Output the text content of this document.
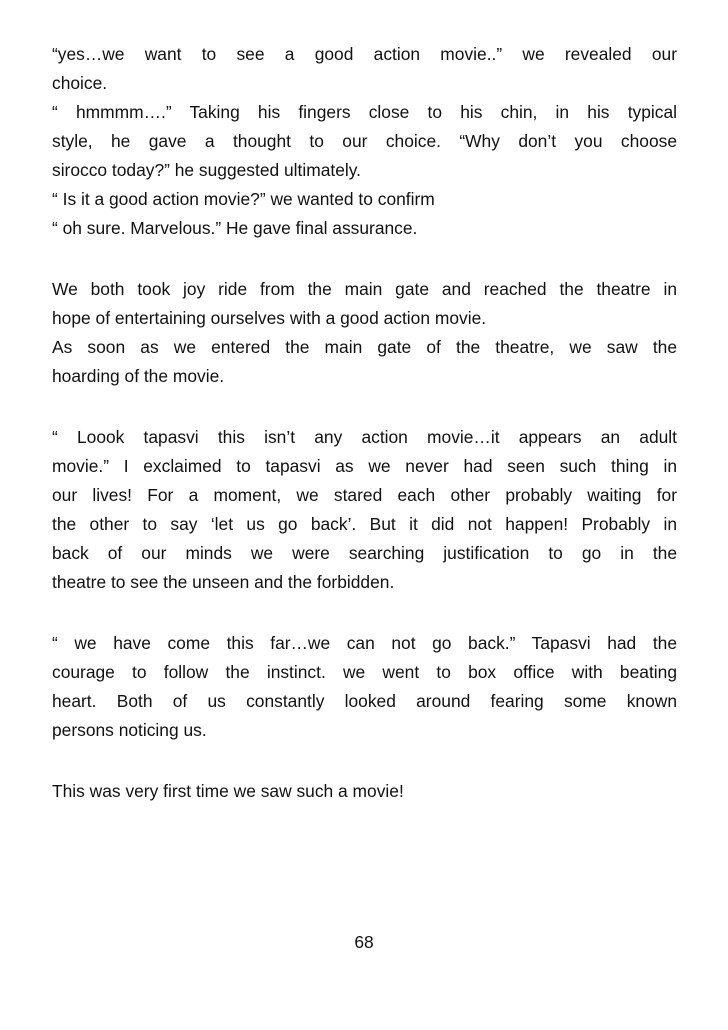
“yes…we want to see a good action movie..” we revealed our
choice.
“ hmmmm….” Taking his fingers close to his chin, in his typical
style, he gave a thought to our choice. “Why don’t you choose
sirocco today?” he suggested ultimately.
“ Is it a good action movie?” we wanted to confirm
“ oh sure. Marvelous.” He gave final assurance.
We both took joy ride from the main gate and reached the theatre in
hope of entertaining ourselves with a good action movie.
As soon as we entered the main gate of the theatre, we saw the
hoarding of the movie.
“ Loook tapasvi this isn’t any action movie…it appears an adult
movie.” I exclaimed to tapasvi as we never had seen such thing in
our lives! For a moment, we stared each other probably waiting for
the other to say ‘let us go back’. But it did not happen! Probably in
back of our minds we were searching justification to go in the
theatre to see the unseen and the forbidden.
“ we have come this far…we can not go back.” Tapasvi had the
courage to follow the instinct. we went to box office with beating
heart. Both of us constantly looked around fearing some known
persons noticing us.
This was very first time we saw such a movie!
68
